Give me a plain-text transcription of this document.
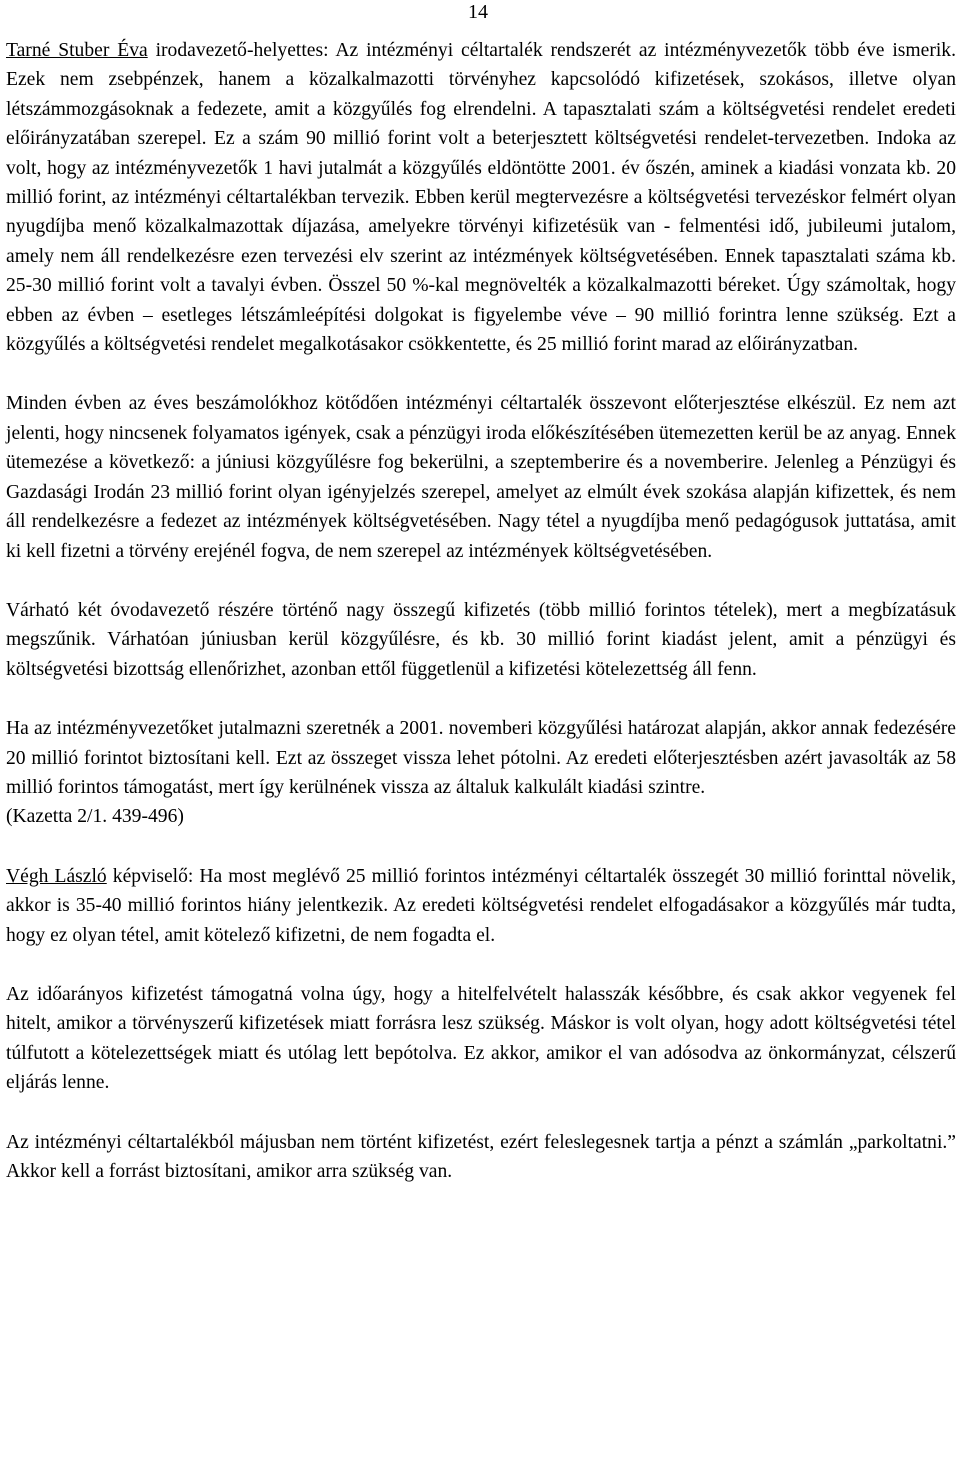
14

Tarné Stuber Éva irodavezető-helyettes: Az intézményi céltartalék rendszerét az intézményvezetők több éve ismerik. Ezek nem zsebpénzek, hanem a közalkalmazotti törvényhez kapcsolódó kifizetések, szokásos, illetve olyan létszámmozgásoknak a fedezete, amit a közgyűlés fog elrendelni. A tapasztalati szám a költségvetési rendelet eredeti előirányzatában szerepel. Ez a szám 90 millió forint volt a beterjesztett költségvetési rendelet-tervezetben. Indoka az volt, hogy az intézményvezetők 1 havi jutalmát a közgyűlés eldöntötte 2001. év őszén, aminek a kiadási vonzata kb. 20 millió forint, az intézményi céltartalékban tervezik. Ebben kerül megtervezésre a költségvetési tervezéskor felmért olyan nyugdíjba menő közalkalmazottak díjazása, amelyekre törvényi kifizetésük van - felmentési idő, jubileumi jutalom, amely nem áll rendelkezésre ezen tervezési elv szerint az intézmények költségvetésében. Ennek tapasztalati száma kb. 25-30 millió forint volt a tavalyi évben. Összel 50 %-kal megnövelték a közalkalmazotti béreket. Úgy számoltak, hogy ebben az évben – esetleges létszámleépítési dolgokat is figyelembe véve – 90 millió forintra lenne szükség. Ezt a közgyűlés a költségvetési rendelet megalkotásakor csökkentette, és 25 millió forint marad az előirányzatban.

Minden évben az éves beszámolókhoz kötődően intézményi céltartalék összevont előterjesztése elkészül. Ez nem azt jelenti, hogy nincsenek folyamatos igények, csak a pénzügyi iroda előkészítésében ütemezetten kerül be az anyag. Ennek ütemezése a következő: a júniusi közgyűlésre fog bekerülni, a szeptemberire és a novemberire. Jelenleg a Pénzügyi és Gazdasági Irodán 23 millió forint olyan igényjelzés szerepel, amelyet az elmúlt évek szokása alapján kifizettek, és nem áll rendelkezésre a fedezet az intézmények költségvetésében. Nagy tétel a nyugdíjba menő pedagógusok juttatása, amit ki kell fizetni a törvény erejénél fogva, de nem szerepel az intézmények költségvetésében.

Várható két óvodavezető részére történő nagy összegű kifizetés (több millió forintos tételek), mert a megbízatásuk megszűnik. Várhatóan júniusban kerül közgyűlésre, és kb. 30 millió forint kiadást jelent, amit a pénzügyi és költségvetési bizottság ellenőrizhet, azonban ettől függetlenül a kifizetési kötelezettség áll fenn.

Ha az intézményvezetőket jutalmazni szeretnék a 2001. novemberi közgyűlési határozat alapján, akkor annak fedezésére 20 millió forintot biztosítani kell. Ezt az összeget vissza lehet pótolni. Az eredeti előterjesztésben azért javasolták az 58 millió forintos támogatást, mert így kerülnének vissza az általuk kalkulált kiadási szintre.

(Kazetta 2/1. 439-496)

Végh László képviselő: Ha most meglévő 25 millió forintos intézményi céltartalék összegét 30 millió forinttal növelik, akkor is 35-40 millió forintos hiány jelentkezik. Az eredeti költségvetési rendelet elfogadásakor a közgyűlés már tudta, hogy ez olyan tétel, amit kötelező kifizetni, de nem fogadta el.

Az időarányos kifizetést támogatná volna úgy, hogy a hitelfelvételt halasszák későbbre, és csak akkor vegyenek fel hitelt, amikor a törvényszerű kifizetések miatt forrásra lesz szükség. Máskor is volt olyan, hogy adott költségvetési tétel túlfutott a kötelezettségek miatt és utólag lett bepótolva. Ez akkor, amikor el van adósodva az önkormányzat, célszerű eljárás lenne.

Az intézményi céltartalékból májusban nem történt kifizetést, ezért feleslegesnek tartja a pénzt a számlán „parkoltatni.” Akkor kell a forrást biztosítani, amikor arra szükség van.
